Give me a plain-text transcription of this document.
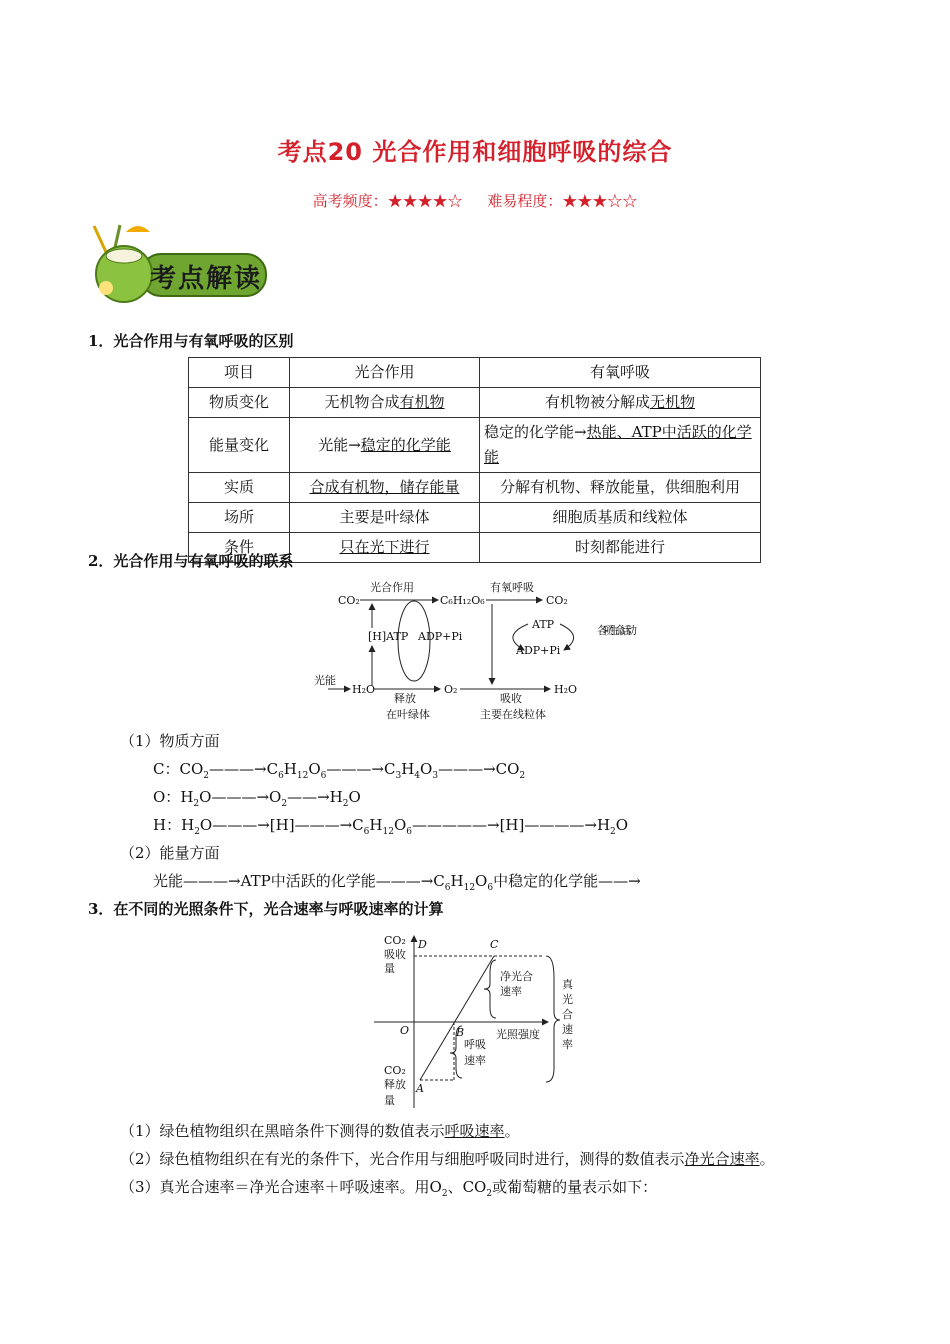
考点20 光合作用和细胞呼吸的综合
高考频度：★★★★☆ 难易程度：★★★☆☆
考点解读
1．光合作用与有氧呼吸的区别
项目	光合作用	有氧呼吸
物质变化	无机物合成有机物	有机物被分解成无机物
能量变化	光能→稳定的化学能	稳定的化学能→热能、ATP中活跃的化学能
实质	合成有机物，储存能量	分解有机物、释放能量，供细胞利用
场所	主要是叶绿体	细胞质基质和线粒体
条件	只在光下进行	时刻都能进行
2．光合作用与有氧呼吸的联系
CO₂
光合作用
C₆H₁₂O₆
有氧呼吸
CO₂
[H]ATP ADP+Pi
ATP
ADP+Pi
各项生命活动
光能
H₂O	O₂	H₂O
释放
在叶绿体
吸收
主要在线粒体
（1）物质方面
C：$CO_2———\to C_6H_{12}O_6———\to C_3H_4O_3———\to CO_2$
O：$H_2O———\to O_2——\to H_2O$
H：$H_2O———\to[H]———\to C_6H_{12}O_6—————\to[H]————\to H_2O$
（2）能量方面
光能———→ATP中活跃的化学能$———\to C_6H_{12}O_6$中稳定的化学能——→
3．在不同的光照条件下，光合速率与呼吸速率的计算
CO₂
吸收
量
CO₂
释放
量
D	C
O	B
A
净光合
速率
光照强度
呼吸
速率
真
光
合
速
率
（1）绿色植物组织在黑暗条件下测得的数值表示呼吸速率。
（2）绿色植物组织在有光的条件下，光合作用与细胞呼吸同时进行，测得的数值表示净光合速率。
（3）真光合速率＝净光合速率＋呼吸速率。用$O_2$、$CO_2$或葡萄糖的量表示如下：
